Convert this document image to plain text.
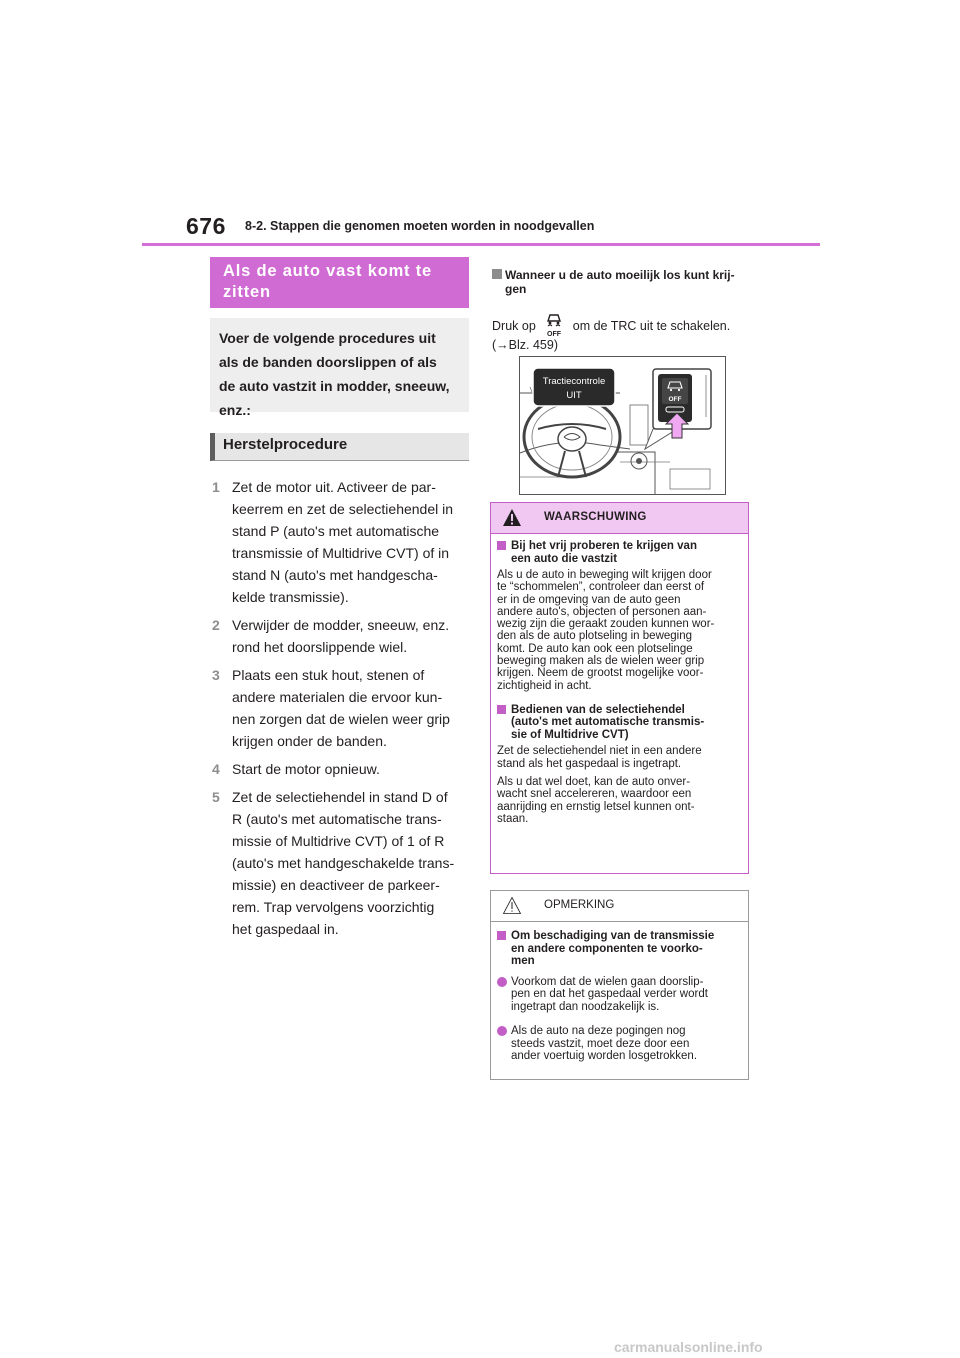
676 8-2. Stappen die genomen moeten worden in noodgevallen
Als de auto vast komt te
zitten
Voer de volgende procedures uit
als de banden doorslippen of als
de auto vastzit in modder, sneeuw,
enz.:
Herstelprocedure
1 Zet de motor uit. Activeer de par-
keerrem en zet de selectiehendel in
stand P (auto's met automatische
transmissie of Multidrive CVT) of in
stand N (auto's met handgescha-
kelde transmissie).
2 Verwijder de modder, sneeuw, enz.
rond het doorslippende wiel.
3 Plaats een stuk hout, stenen of
andere materialen die ervoor kun-
nen zorgen dat de wielen weer grip
krijgen onder de banden.
4 Start de motor opnieuw.
5 Zet de selectiehendel in stand D of
R (auto's met automatische trans-
missie of Multidrive CVT) of 1 of R
(auto's met handgeschakelde trans-
missie) en deactiveer de parkeer-
rem. Trap vervolgens voorzichtig
het gaspedaal in.
Wanneer u de auto moeilijk los kunt krij-
gen
Druk op
OFF
om de TRC uit te schakelen.
(→Blz. 459)
Tractiecontrole
UIT	OFF
WAARSCHUWING
Bij het vrij proberen te krijgen van
een auto die vastzit
Als u de auto in beweging wilt krijgen door
te “schommelen”, controleer dan eerst of
er in de omgeving van de auto geen
andere auto's, objecten of personen aan-
wezig zijn die geraakt zouden kunnen wor-
den als de auto plotseling in beweging
komt. De auto kan ook een plotselinge
beweging maken als de wielen weer grip
krijgen. Neem de grootst mogelijke voor-
zichtigheid in acht.
Bedienen van de selectiehendel
(auto's met automatische transmis-
sie of Multidrive CVT)
Zet de selectiehendel niet in een andere
stand als het gaspedaal is ingetrapt.
Als u dat wel doet, kan de auto onver-
wacht snel accelereren, waardoor een
aanrijding en ernstig letsel kunnen ont-
staan.
OPMERKING
Om beschadiging van de transmissie
en andere componenten te voorko-
men
Voorkom dat de wielen gaan doorslip-
pen en dat het gaspedaal verder wordt
ingetrapt dan noodzakelijk is.
Als de auto na deze pogingen nog
steeds vastzit, moet deze door een
ander voertuig worden losgetrokken.
carmanualsonline.info
